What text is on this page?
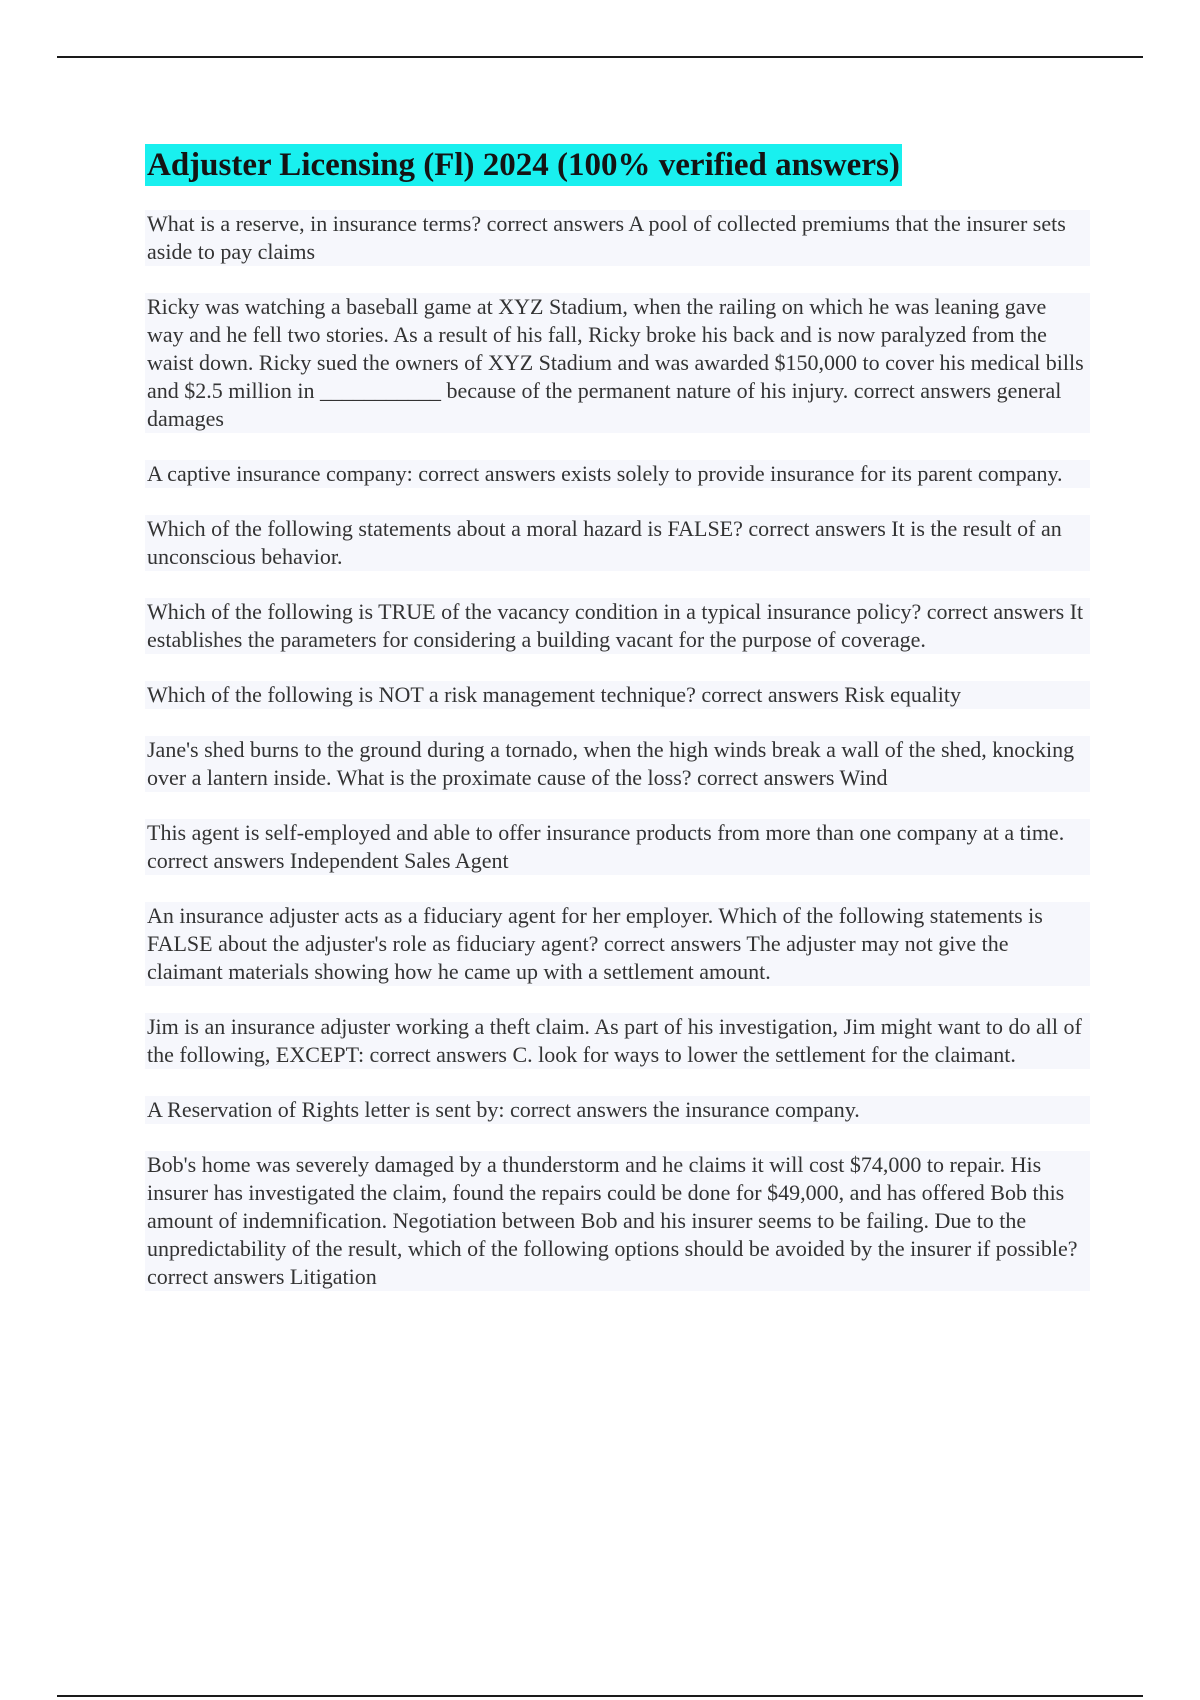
Adjuster Licensing (Fl) 2024 (100% verified answers)

What is a reserve, in insurance terms? correct answers A pool of collected premiums that the insurer sets aside to pay claims

Ricky was watching a baseball game at XYZ Stadium, when the railing on which he was leaning gave way and he fell two stories. As a result of his fall, Ricky broke his back and is now paralyzed from the waist down. Ricky sued the owners of XYZ Stadium and was awarded $150,000 to cover his medical bills and $2.5 million in ___________ because of the permanent nature of his injury. correct answers general damages

A captive insurance company: correct answers exists solely to provide insurance for its parent company.

Which of the following statements about a moral hazard is FALSE? correct answers It is the result of an unconscious behavior.

Which of the following is TRUE of the vacancy condition in a typical insurance policy? correct answers It establishes the parameters for considering a building vacant for the purpose of coverage.

Which of the following is NOT a risk management technique? correct answers Risk equality

Jane's shed burns to the ground during a tornado, when the high winds break a wall of the shed, knocking over a lantern inside. What is the proximate cause of the loss? correct answers Wind

This agent is self-employed and able to offer insurance products from more than one company at a time. correct answers Independent Sales Agent

An insurance adjuster acts as a fiduciary agent for her employer. Which of the following statements is FALSE about the adjuster's role as fiduciary agent? correct answers The adjuster may not give the claimant materials showing how he came up with a settlement amount.

Jim is an insurance adjuster working a theft claim. As part of his investigation, Jim might want to do all of the following, EXCEPT: correct answers C. look for ways to lower the settlement for the claimant.

A Reservation of Rights letter is sent by: correct answers the insurance company.

Bob's home was severely damaged by a thunderstorm and he claims it will cost $74,000 to repair. His insurer has investigated the claim, found the repairs could be done for $49,000, and has offered Bob this amount of indemnification. Negotiation between Bob and his insurer seems to be failing. Due to the unpredictability of the result, which of the following options should be avoided by the insurer if possible? correct answers Litigation
